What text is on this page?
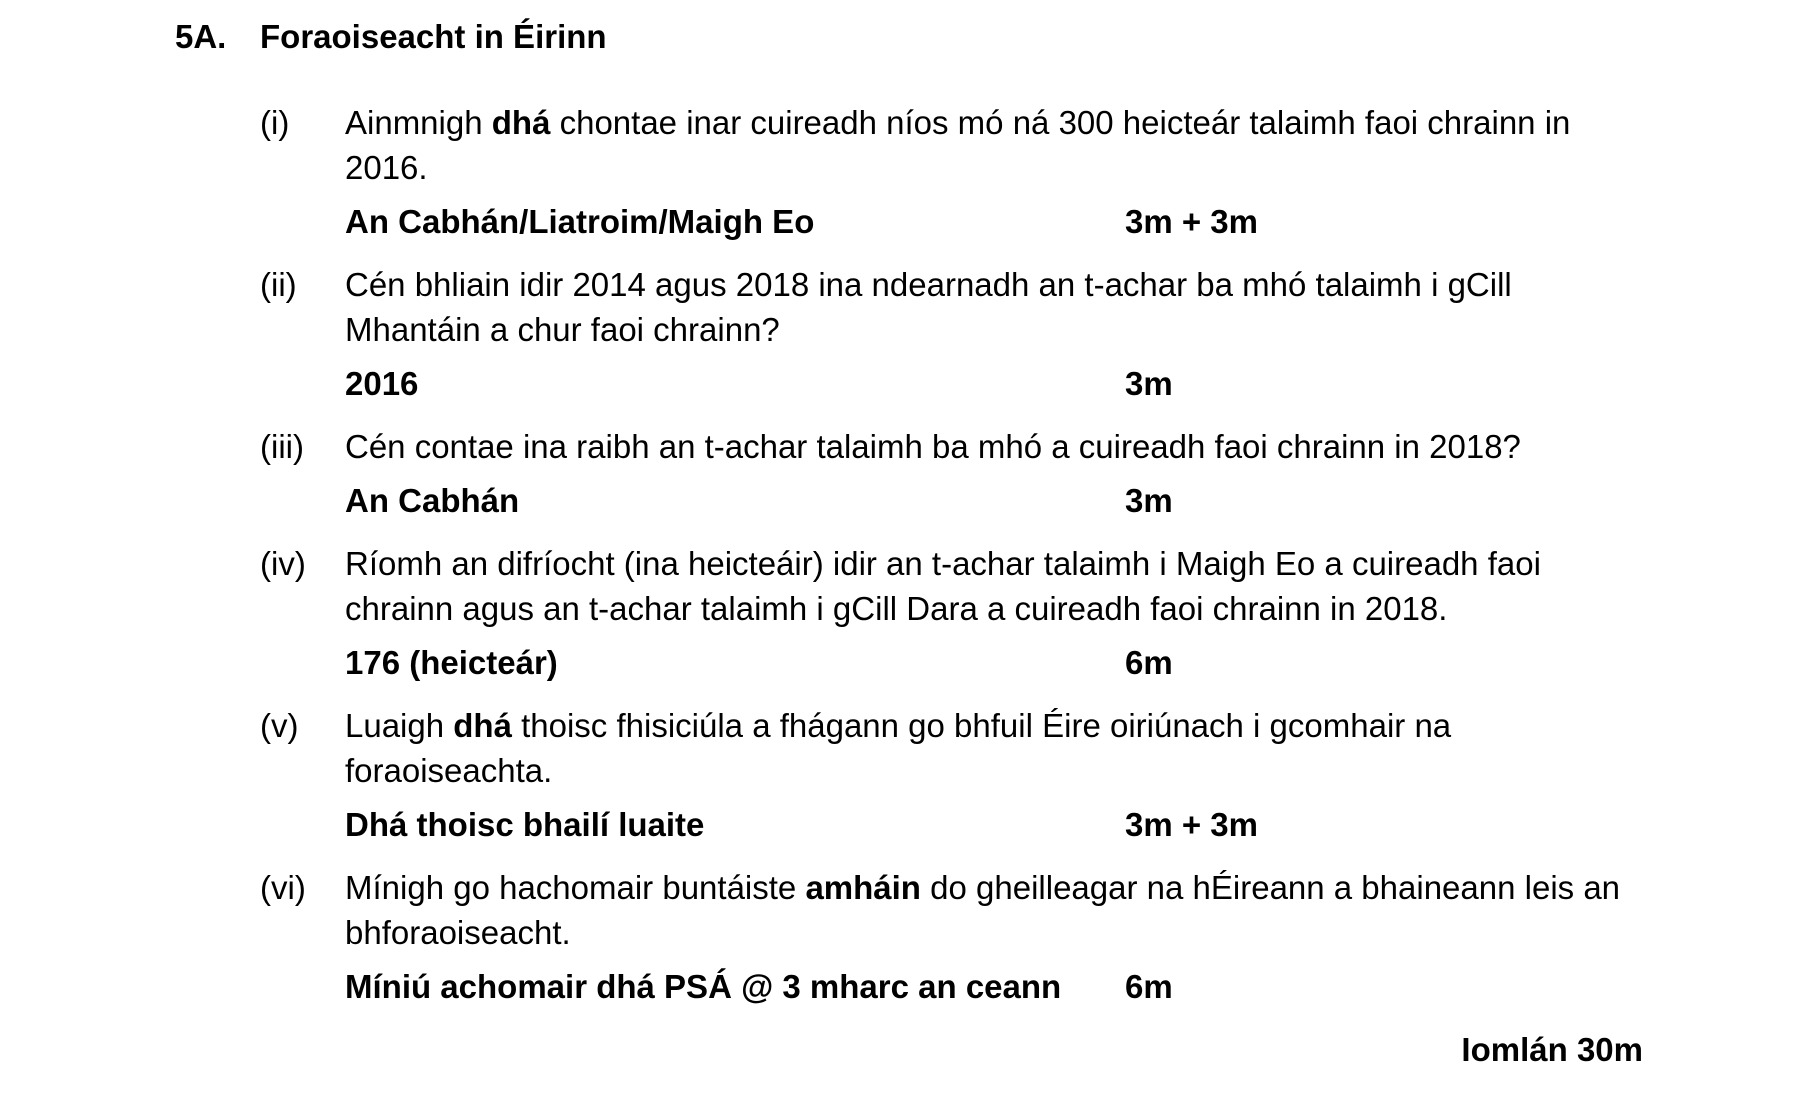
5A.	Foraoiseacht in Éirinn
(i)	Ainmnigh dhá chontae inar cuireadh níos mó ná 300 heicteár talaimh faoi chrainn in
2016.
An Cabhán/Liatroim/Maigh Eo	3m + 3m
(ii)	Cén bhliain idir 2014 agus 2018 ina ndearnadh an t-achar ba mhó talaimh i gCill
Mhantáin a chur faoi chrainn?
2016	3m
(iii)	Cén contae ina raibh an t-achar talaimh ba mhó a cuireadh faoi chrainn in 2018?
An Cabhán	3m
(iv)	Ríomh an difríocht (ina heicteáir) idir an t-achar talaimh i Maigh Eo a cuireadh faoi
chrainn agus an t-achar talaimh i gCill Dara a cuireadh faoi chrainn in 2018.
176 (heicteár)	6m
(v)	Luaigh dhá thoisc fhisiciúla a fhágann go bhfuil Éire oiriúnach i gcomhair na
foraoiseachta.
Dhá thoisc bhailí luaite	3m + 3m
(vi)	Mínigh go hachomair buntáiste amháin do gheilleagar na hÉireann a bhaineann leis an
bhforaoiseacht.
Míniú achomair dhá PSÁ @ 3 mharc an ceann 6m
Iomlán 30m
